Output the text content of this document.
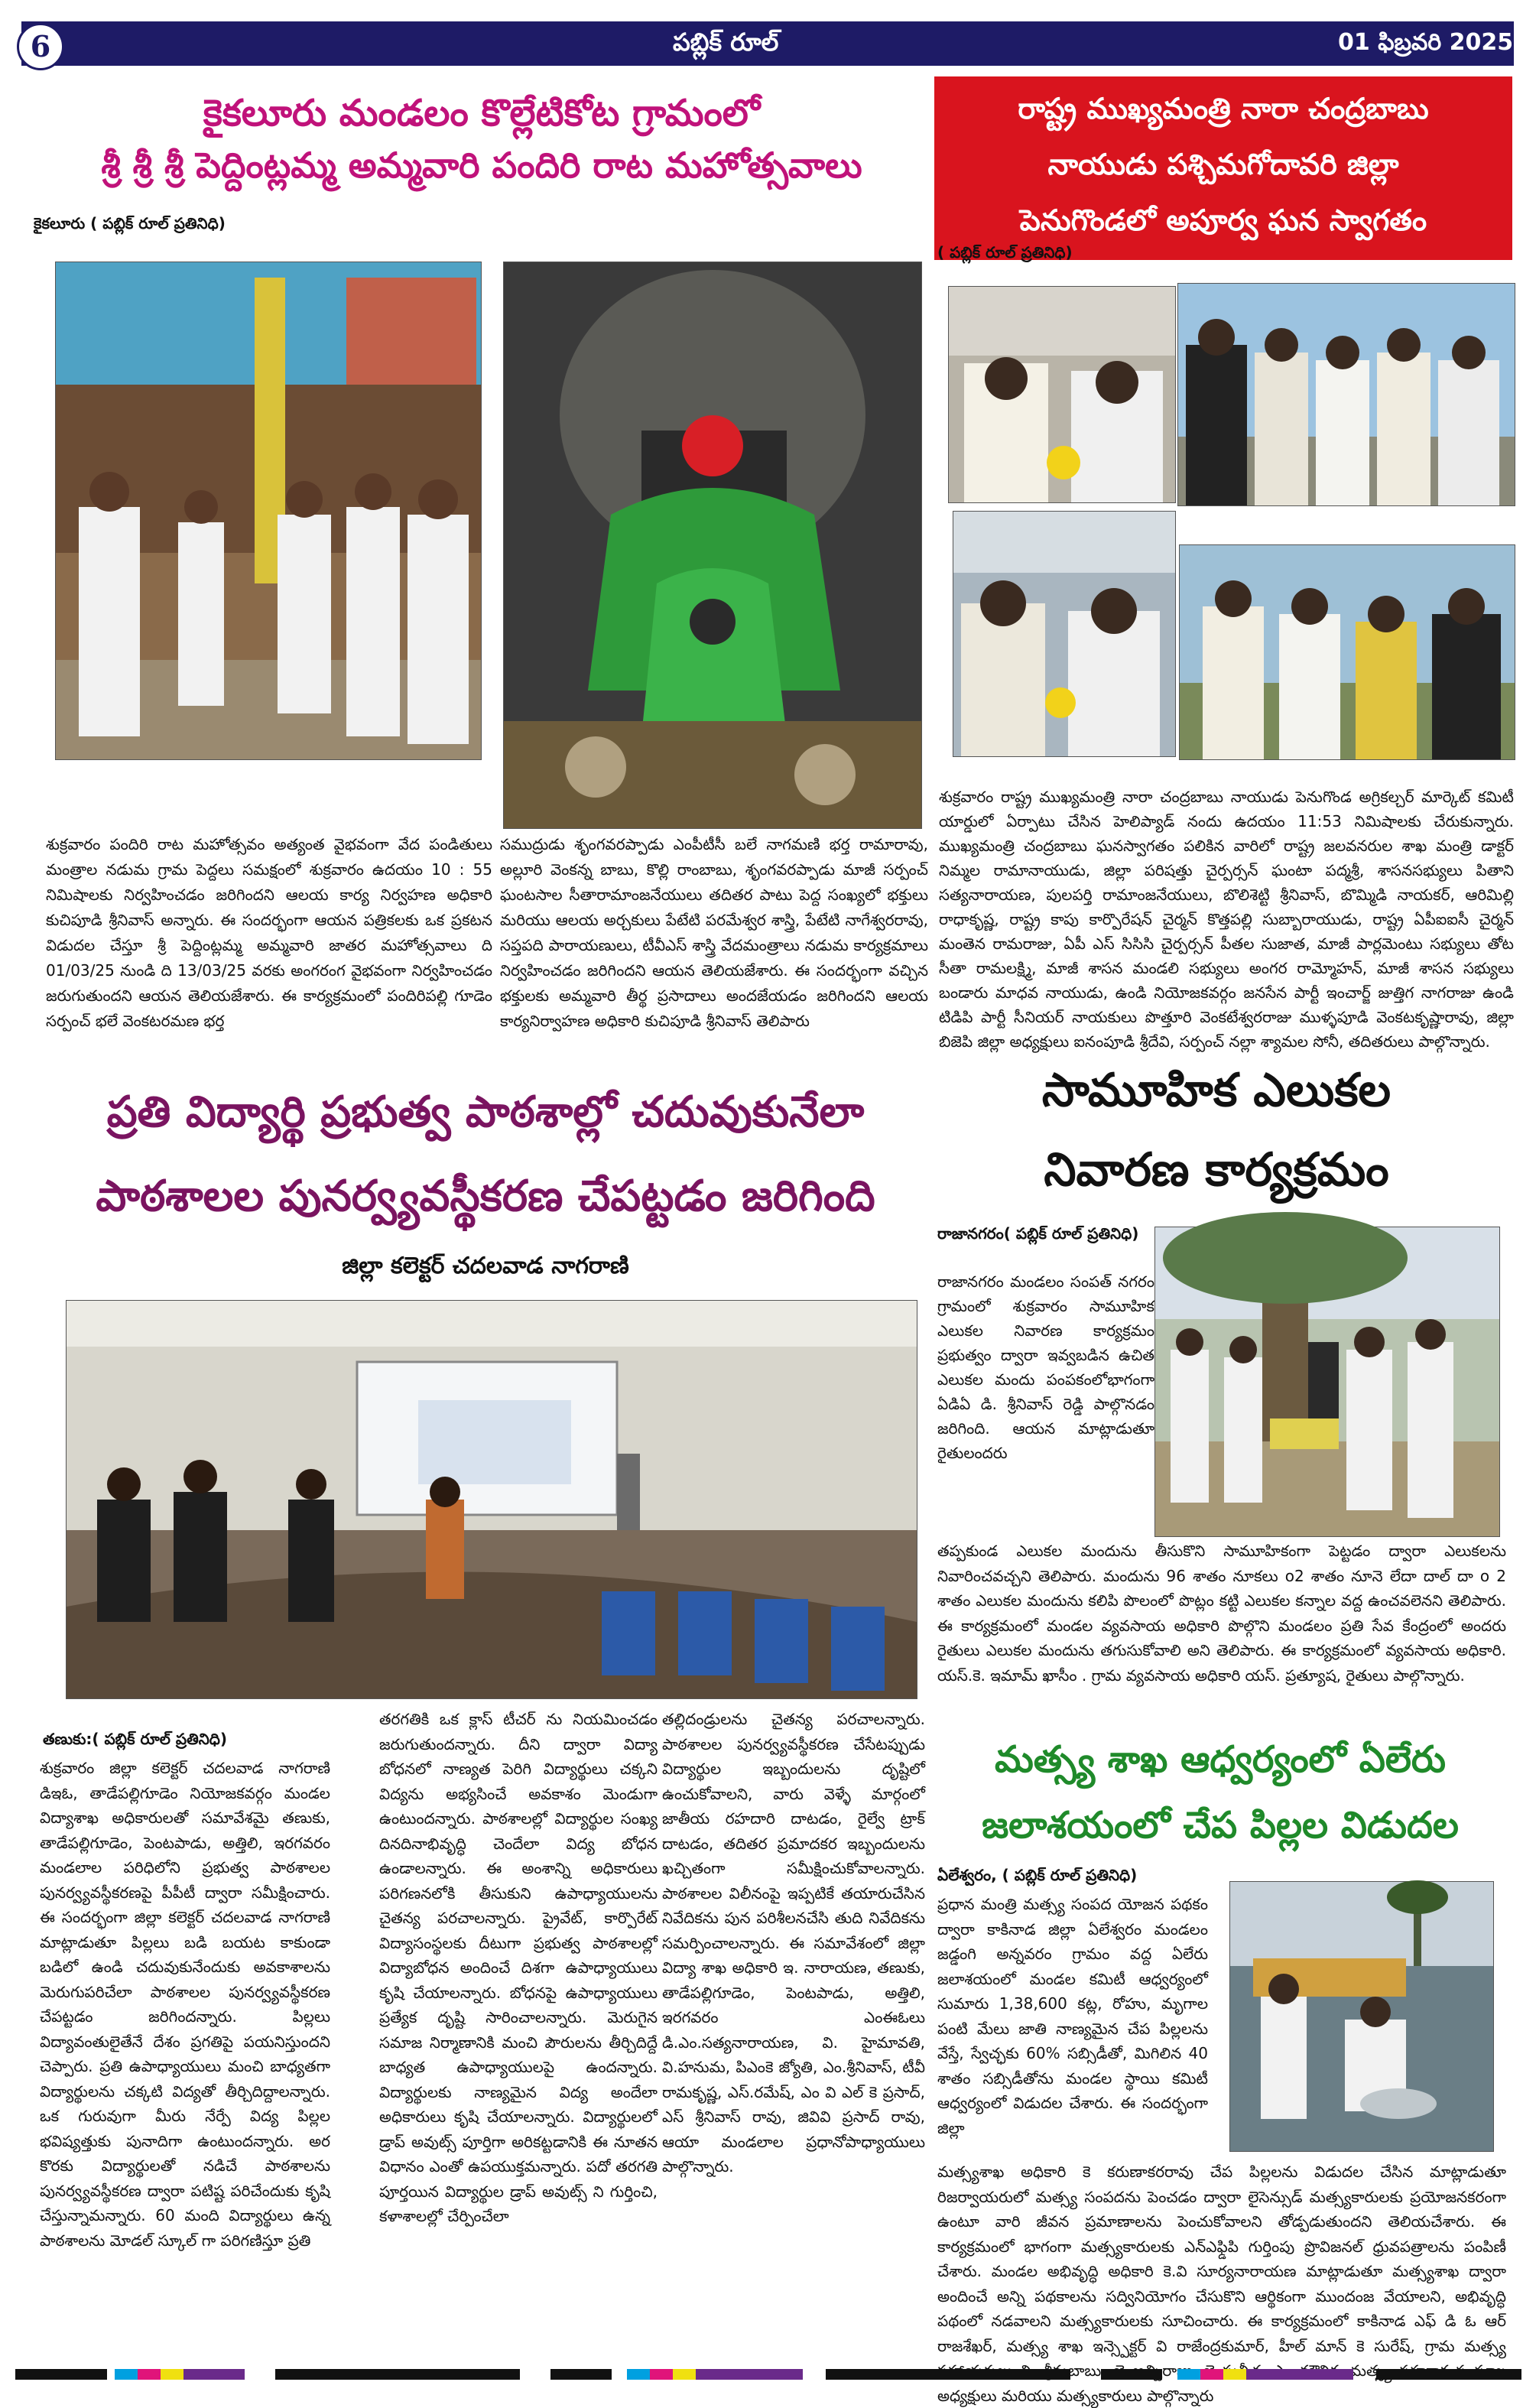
6	పబ్లిక్ రూల్	01 ఫిబ్రవరి 2025
కైకలూరు మండలం కొల్లేటికోట గ్రామంలో
శ్రీ శ్రీ శ్రీ పెద్దింట్లమ్మ అమ్మవారి పందిరి రాట మహోత్సవాలు
కైకలూరు ( పబ్లిక్ రూల్ ప్రతినిధి)
శుక్రవారం పందిరి రాట మహోత్సవం అత్యంత వైభవంగా వేద పండితులు మంత్రాల నడుమ గ్రామ పెద్దలు సమక్షంలో శుక్రవారం ఉదయం 10 : 55 నిమిషాలకు నిర్వహించడం జరిగిందని ఆలయ కార్య నిర్వహణ అధికారి కుచిపూడి శ్రీనివాస్ అన్నారు. ఈ సందర్భంగా ఆయన పత్రికలకు ఒక ప్రకటన విడుదల చేస్తూ శ్రీ పెద్దింట్లమ్మ అమ్మవారి జాతర మహోత్సవాలు ది 01/03/25 నుండి ది 13/03/25 వరకు అంగరంగ వైభవంగా నిర్వహించడం జరుగుతుందని ఆయన తెలియజేశారు. ఈ కార్యక్రమంలో పందిరిపల్లి గూడెం సర్పంచ్ భలే వెంకటరమణ భర్త
సముద్రుడు శృంగవరప్పాడు ఎంపీటీసీ బలే నాగమణి భర్త రామారావు, అల్లూరి వెంకన్న బాబు, కొల్లి రాంబాబు, శృంగవరప్పాడు మాజీ సర్పంచ్ ఘంటసాల సీతారామాంజనేయులు తదితర పాటు పెద్ద సంఖ్యలో భక్తులు మరియు ఆలయ అర్చకులు పేటేటి పరమేశ్వర శాస్త్రి, పేటేటి నాగేశ్వరరావు, సప్తపది పారాయణులు, టీవీఎస్ శాస్త్రి వేదమంత్రాలు నడుమ కార్యక్రమాలు నిర్వహించడం జరిగిందని ఆయన తెలియజేశారు. ఈ సందర్భంగా వచ్చిన భక్తులకు అమ్మవారి తీర్థ ప్రసాదాలు అందజేయడం జరిగిందని ఆలయ కార్యనిర్వాహణ అధికారి కుచిపూడి శ్రీనివాస్ తెలిపారు
రాష్ట్ర ముఖ్యమంత్రి నారా చంద్రబాబు
నాయుడు పశ్చిమగోదావరి జిల్లా
పెనుగొండలో అపూర్వ ఘన స్వాగతం
( పబ్లిక్ రూల్ ప్రతినిధి)
శుక్రవారం రాష్ట్ర ముఖ్యమంత్రి నారా చంద్రబాబు నాయుడు పెనుగొండ అగ్రికల్చర్ మార్కెట్ కమిటీ యార్డులో ఏర్పాటు చేసిన హెలిప్యాడ్ నందు ఉదయం 11:53 నిమిషాలకు చేరుకున్నారు. ముఖ్యమంత్రి చంద్రబాబు ఘనస్వాగతం పలికిన వారిలో రాష్ట్ర జలవనరుల శాఖ మంత్రి డాక్టర్ నిమ్మల రామానాయుడు, జిల్లా పరిషత్తు చైర్పర్సన్ ఘంటా పద్మశ్రీ, శాసనసభ్యులు పితాని సత్యనారాయణ, పులపర్తి రామాంజనేయులు, బొలిశెట్టి శ్రీనివాస్, బొమ్మిడి నాయకర్, ఆరిమిల్లి రాధాకృష్ణ, రాష్ట్ర కాపు కార్పొరేషన్ చైర్మన్ కొత్తపల్లి సుబ్బారాయుడు, రాష్ట్ర ఏపీఐఐసీ చైర్మన్ మంతెన రామరాజు, ఏపీ ఎస్ సిసిసి చైర్పర్సన్ పీతల సుజాత, మాజీ పార్లమెంటు సభ్యులు తోట సీతా రామలక్ష్మి, మాజీ శాసన మండలి సభ్యులు అంగర రామ్మోహన్, మాజీ శాసన సభ్యులు బండారు మాధవ నాయుడు, ఉండి నియోజకవర్గం జనసేన పార్టీ ఇంచార్జ్ జుత్తిగ నాగరాజు ఉండి టిడిపి పార్టీ సీనియర్ నాయకులు పొత్తూరి వెంకటేశ్వరరాజు ముళ్ళపూడి వెంకటకృష్ణారావు, జిల్లా బిజెపి జిల్లా అధ్యక్షులు ఐనంపూడి శ్రీదేవి, సర్పంచ్ నల్లా శ్యామల సోనీ, తదితరులు పాల్గొన్నారు.
ప్రతి విద్యార్థి ప్రభుత్వ పాఠశాల్లో చదువుకునేలా
పాఠశాలల పునర్వ్యవస్థీకరణ చేపట్టడం జరిగింది
జిల్లా కలెక్టర్ చదలవాడ నాగరాణి
తణుకు:( పబ్లిక్ రూల్ ప్రతినిధి)
శుక్రవారం జిల్లా కలెక్టర్ చదలవాడ నాగరాణి డిఇఓ, తాడేపల్లిగూడెం నియోజకవర్గం మండల విద్యాశాఖ అధికారులతో సమావేశమై తణుకు, తాడేపల్లిగూడెం, పెంటపాడు, అత్తిలి, ఇరగవరం మండలాల పరిధిలోని ప్రభుత్వ పాఠశాలల పునర్వ్యవస్థీకరణపై పీపీటీ ద్వారా సమీక్షించారు. ఈ సందర్భంగా జిల్లా కలెక్టర్ చదలవాడ నాగరాణి మాట్లాడుతూ పిల్లలు బడి బయట కాకుండా బడిలో ఉండి చదువుకునేందుకు అవకాశాలను మెరుగుపరిచేలా పాఠశాలల పునర్వ్యవస్థీకరణ చేపట్టడం జరిగిందన్నారు. పిల్లలు విద్యావంతులైతేనే దేశం ప్రగతిపై పయనిస్తుందని చెప్పారు. ప్రతి ఉపాధ్యాయులు మంచి బాధ్యతగా విద్యార్థులను చక్కటి విద్యతో తీర్చిదిద్దాలన్నారు. ఒక గురువుగా మీరు నేర్పే విద్య పిల్లల భవిష్యత్తుకు పునాదిగా ఉంటుందన్నారు. అర కొరకు విద్యార్థులతో నడిచే పాఠశాలను పునర్వ్యవస్థీకరణ ద్వారా పటిష్ట పరిచేందుకు కృషి చేస్తున్నామన్నారు. 60 మంది విద్యార్థులు ఉన్న పాఠశాలను మోడల్ స్కూల్ గా పరిగణిస్తూ ప్రతి
తరగతికి ఒక క్లాస్ టీచర్ ను నియమించడం జరుగుతుందన్నారు. దీని ద్వారా విద్యా బోధనలో నాణ్యత పెరిగి విద్యార్థులు చక్కని విద్యను అభ్యసించే అవకాశం మెండుగా ఉంటుందన్నారు. పాఠశాలల్లో విద్యార్థుల సంఖ్య దినదినాభివృద్ధి చెందేలా విద్య బోధన ఉండాలన్నారు. ఈ అంశాన్ని అధికారులు పరిగణనలోకి తీసుకుని ఉపాధ్యాయులను చైతన్య పరచాలన్నారు. ప్రైవేట్, కార్పొరేట్ విద్యాసంస్థలకు దీటుగా ప్రభుత్వ పాఠశాలల్లో విద్యాబోధన అందించే దిశగా ఉపాధ్యాయులు కృషి చేయాలన్నారు. బోధనపై ఉపాధ్యాయులు ప్రత్యేక దృష్టి సారించాలన్నారు. మెరుగైన సమాజ నిర్మాణానికి మంచి పౌరులను తీర్చిదిద్దే బాధ్యత ఉపాధ్యాయులపై ఉందన్నారు. విద్యార్థులకు నాణ్యమైన విద్య అందేలా అధికారులు కృషి చేయాలన్నారు. విద్యార్థులలో డ్రాప్ అవుట్స్ పూర్తిగా అరికట్టడానికి ఈ నూతన విధానం ఎంతో ఉపయుక్తమన్నారు. పదో తరగతి పూర్తయిన విద్యార్థుల డ్రాప్ అవుట్స్ ని గుర్తించి, కళాశాలల్లో చేర్పించేలా
తల్లిదండ్రులను చైతన్య పరచాలన్నారు. పాఠశాలల పునర్వ్యవస్థీకరణ చేసేటప్పుడు విద్యార్థుల ఇబ్బందులను దృష్టిలో ఉంచుకోవాలని, వారు వెళ్ళే మార్గంలో జాతీయ రహదారి దాటడం, రైల్వే ట్రాక్ దాటడం, తదితర ప్రమాదకర ఇబ్బందులను ఖచ్చితంగా సమీక్షించుకోవాలన్నారు. పాఠశాలల విలీనంపై ఇప్పటికే తయారుచేసిన నివేదికను పున పరిశీలనచేసి తుది నివేదికను సమర్పించాలన్నారు. ఈ సమావేశంలో జిల్లా విద్యా శాఖ అధికారి ఇ. నారాయణ, తణుకు, తాడేపల్లిగూడెం, పెంటపాడు, అత్తిలి, ఇరగవరం ఎంఈఓలు డి.ఎం.సత్యనారాయణ, వి. హైమావతి, వి.హనుమ, పిఎంకె జ్యోతి, ఎం.శ్రీనివాస్, టీవీ రామకృష్ణ, ఎస్.రమేష్, ఎం వి ఎల్ కె ప్రసాద్, ఎస్ శ్రీనివాస్ రావు, జివివి ప్రసాద్ రావు, ఆయా మండలాల ప్రధానోపాధ్యాయులు పాల్గొన్నారు.
సామూహిక ఎలుకల
నివారణ కార్యక్రమం
రాజానగరం( పబ్లిక్ రూల్ ప్రతినిధి)
రాజానగరం మండలం సంపత్ నగరం గ్రామంలో శుక్రవారం సామూహిక ఎలుకల నివారణ కార్యక్రమం ప్రభుత్వం ద్వారా ఇవ్వబడిన ఉచిత ఎలుకల మందు పంపకంలోభాగంగా ఏడిఏ డి. శ్రీనివాస్ రెడ్డి పాల్గొనడం జరిగింది. ఆయన మాట్లాడుతూ రైతులందరు
తప్పకుండ ఎలుకల మందును తీసుకొని సామూహికంగా పెట్టడం ద్వారా ఎలుకలను నివారించవచ్చని తెలిపారు. మందును 96 శాతం నూకలు o2 శాతం నూనె లేదా దాల్ దా o 2 శాతం ఎలుకల మందును కలిపి పొలంలో పొట్లం కట్టి ఎలుకల కన్నాల వద్ద ఉంచవలెనని తెలిపారు. ఈ కార్యక్రమంలో మండల వ్యవసాయ అధికారి పొల్గొని మండలం ప్రతి సేవ కేంద్రంలో అందరు రైతులు ఎలుకల మందును తగుసుకోవాలి అని తెలిపారు. ఈ కార్యక్రమంలో వ్యవసాయ అధికారి. యస్.కె. ఇమామ్ ఖాసీం . గ్రామ వ్యవసాయ అధికారి యస్. ప్రత్యూష, రైతులు పాల్గొన్నారు.
మత్స్య శాఖ ఆధ్వర్యంలో ఏలేరు
జలాశయంలో చేప పిల్లల విడుదల
ఏలేశ్వరం, ( పబ్లిక్ రూల్ ప్రతినిధి)
ప్రధాన మంత్రి మత్స్య సంపద యోజన పథకం ద్వారా కాకినాడ జిల్లా ఏలేశ్వరం మండలం జడ్డంగి అన్నవరం గ్రామం వద్ద ఏలేరు జలాశయంలో మండల కమిటీ ఆధ్వర్యంలో సుమారు 1,38,600 కట్ల, రోహు, మృగాల పంటి మేలు జాతి నాణ్యమైన చేప పిల్లలను వేస్తే, స్వేచ్ఛకు 60% సబ్సిడీతో, మిగిలిన 40 శాతం సబ్సిడీతోను మండల స్థాయి కమిటీ ఆధ్వర్యంలో విడుదల చేశారు. ఈ సందర్భంగా జిల్లా
మత్స్యశాఖ అధికారి కె కరుణాకరరావు చేప పిల్లలను విడుదల చేసిన మాట్లాడుతూ రిజర్వాయరులో మత్స్య సంపదను పెంచడం ద్వారా లైసెన్సుడ్ మత్స్యకారులకు ప్రయోజనకరంగా ఉంటూ వారి జీవన ప్రమాణాలను పెంచుకోవాలని తోడ్పడుతుందని తెలియచేశారు. ఈ కార్యక్రమంలో భాగంగా మత్స్యకారులకు ఎన్ఎఫ్డిపి గుర్తింపు ప్రొవిజనల్ ధ్రువపత్రాలను పంపిణీ చేశారు. మండల అభివృద్ధి అధికారి కె.వి సూర్యనారాయణ మాట్లాడుతూ మత్స్యశాఖ ద్వారా అందించే అన్ని పథకాలను సద్వినియోగం చేసుకొని ఆర్థికంగా ముందంజ వేయాలని, అభివృద్ధి పథంలో నడవాలని మత్స్యకారులకు సూచించారు. ఈ కార్యక్రమంలో కాకినాడ ఎఫ్ డి ఓ ఆర్ రాజశేఖర్, మత్స్య శాఖ ఇన్స్పెక్టర్ వి రాజేంద్రకుమార్, హీల్ మాన్ కె సురేష్, గ్రామ మత్స్య శ్రీనుబాబు, అచ్చిరాజు, మత్స్య అధ్యక్షులు మరియు మత్స్యకారులు పాల్గొన్నారు
